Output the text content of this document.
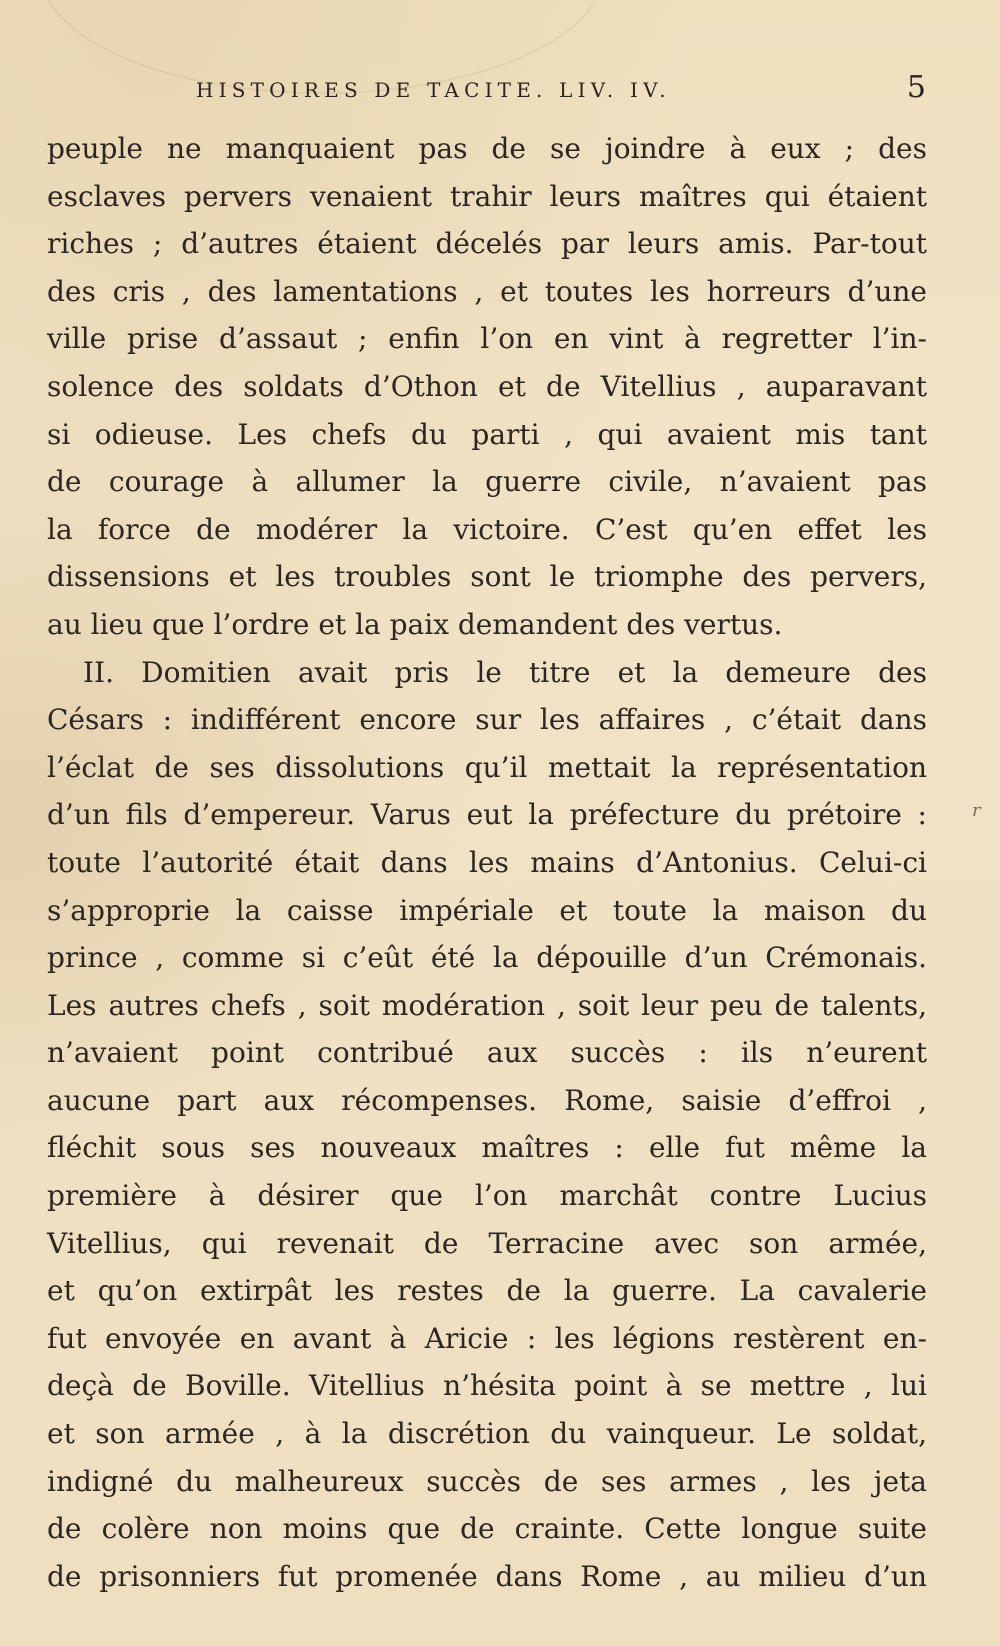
HISTOIRES DE TACITE. LIV. IV.	5
peuple ne manquaient pas de se joindre à eux ; des
esclaves pervers venaient trahir leurs maîtres qui étaient
riches ; d’autres étaient décelés par leurs amis. Par-tout
des cris , des lamentations , et toutes les horreurs d’une
ville prise d’assaut ; enfin l’on en vint à regretter l’in-
solence des soldats d’Othon et de Vitellius , auparavant
si odieuse. Les chefs du parti , qui avaient mis tant
de courage à allumer la guerre civile, n’avaient pas
la force de modérer la victoire. C’est qu’en effet les
dissensions et les troubles sont le triomphe des pervers,
au lieu que l’ordre et la paix demandent des vertus.
II. Domitien avait pris le titre et la demeure des
Césars : indifférent encore sur les affaires , c’était dans
l’éclat de ses dissolutions qu’il mettait la représentation
d’un fils d’empereur. Varus eut la préfecture du prétoire :
toute l’autorité était dans les mains d’Antonius. Celui-ci
s’approprie la caisse impériale et toute la maison du
prince , comme si c’eût été la dépouille d’un Crémonais.
Les autres chefs , soit modération , soit leur peu de talents,
n’avaient point contribué aux succès : ils n’eurent
aucune part aux récompenses. Rome, saisie d’effroi ,
fléchit sous ses nouveaux maîtres : elle fut même la
première à désirer que l’on marchât contre Lucius
Vitellius, qui revenait de Terracine avec son armée,
et qu’on extirpât les restes de la guerre. La cavalerie
fut envoyée en avant à Aricie : les légions restèrent en-
deçà de Boville. Vitellius n’hésita point à se mettre , lui
et son armée , à la discrétion du vainqueur. Le soldat,
indigné du malheureux succès de ses armes , les jeta
de colère non moins que de crainte. Cette longue suite
de prisonniers fut promenée dans Rome , au milieu d’un
r
